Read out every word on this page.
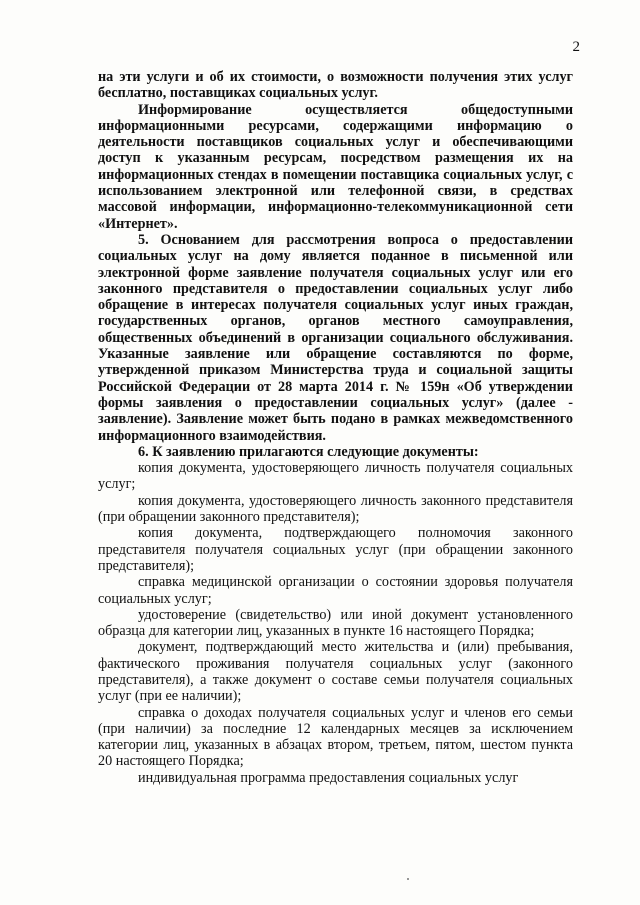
2

на эти услуги и об их стоимости, о возможности получения этих услуг бесплатно, поставщиках социальных услуг.

Информирование осуществляется общедоступными информационными ресурсами, содержащими информацию о деятельности поставщиков социальных услуг и обеспечивающими доступ к указанным ресурсам, посредством размещения их на информационных стендах в помещении поставщика социальных услуг, с использованием электронной или телефонной связи, в средствах массовой информации, информационно-телекоммуникационной сети «Интернет».

5. Основанием для рассмотрения вопроса о предоставлении социальных услуг на дому является поданное в письменной или электронной форме заявление получателя социальных услуг или его законного представителя о предоставлении социальных услуг либо обращение в интересах получателя социальных услуг иных граждан, государственных органов, органов местного самоуправления, общественных объединений в организации социального обслуживания. Указанные заявление или обращение составляются по форме, утвержденной приказом Министерства труда и социальной защиты Российской Федерации от 28 марта 2014 г. № 159н «Об утверждении формы заявления о предоставлении социальных услуг» (далее - заявление). Заявление может быть подано в рамках межведомственного информационного взаимодействия.

6. К заявлению прилагаются следующие документы:

копия документа, удостоверяющего личность получателя социальных услуг;

копия документа, удостоверяющего личность законного представителя (при обращении законного представителя);

копия документа, подтверждающего полномочия законного представителя получателя социальных услуг (при обращении законного представителя);

справка медицинской организации о состоянии здоровья получателя социальных услуг;

удостоверение (свидетельство) или иной документ установленного образца для категории лиц, указанных в пункте 16 настоящего Порядка;

документ, подтверждающий место жительства и (или) пребывания, фактического проживания получателя социальных услуг (законного представителя), а также документ о составе семьи получателя социальных услуг (при ее наличии);

справка о доходах получателя социальных услуг и членов его семьи (при наличии) за последние 12 календарных месяцев за исключением категории лиц, указанных в абзацах втором, третьем, пятом, шестом пункта 20 настоящего Порядка;

индивидуальная программа предоставления социальных услуг
